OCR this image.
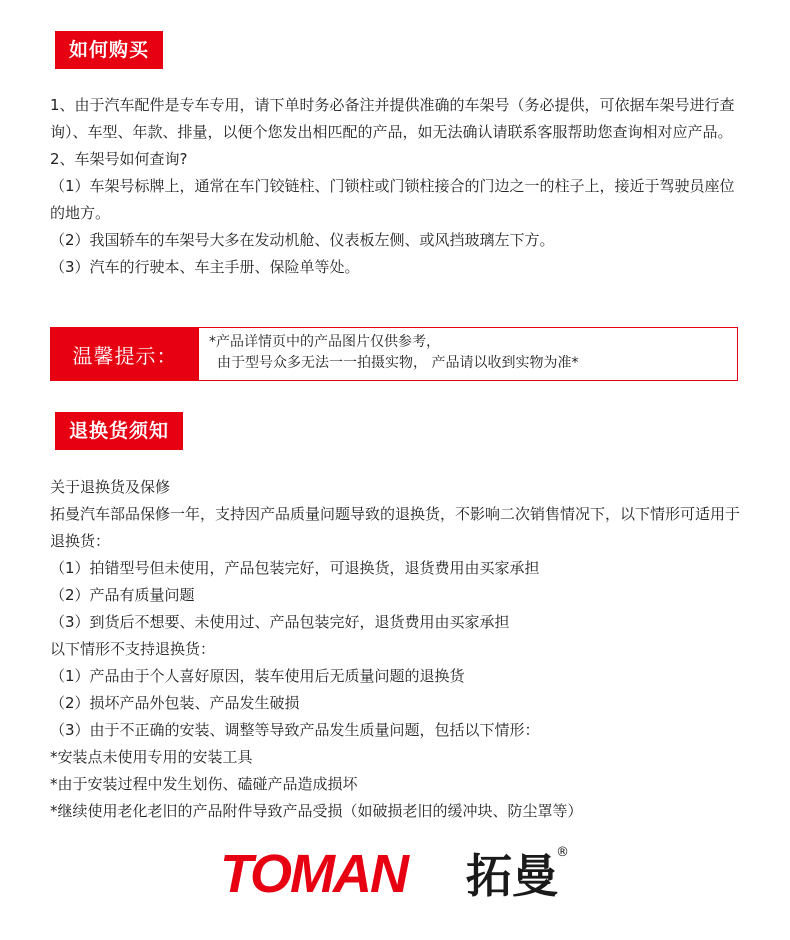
如何购买

1、由于汽车配件是专车专用，请下单时务必备注并提供准确的车架号（务必提供，可依据车架号进行查询）、车型、年款、排量，以便个您发出相匹配的产品，如无法确认请联系客服帮助您查询相对应产品。

2、车架号如何查询?

（1）车架号标牌上，通常在车门铰链柱、门锁柱或门锁柱接合的门边之一的柱子上，接近于驾驶员座位的地方。

（2）我国轿车的车架号大多在发动机舱、仪表板左侧、或风挡玻璃左下方。

（3）汽车的行驶本、车主手册、保险单等处。

温馨提示：

*产品详情页中的产品图片仅供参考，

由于型号众多无法一一拍摄实物， 产品请以收到实物为准*

退换货须知

关于退换货及保修

拓曼汽车部品保修一年，支持因产品质量问题导致的退换货，不影响二次销售情况下，以下情形可适用于退换货：

（1）拍错型号但未使用，产品包装完好，可退换货，退货费用由买家承担

（2）产品有质量问题

（3）到货后不想要、未使用过、产品包装完好，退货费用由买家承担

以下情形不支持退换货：

（1）产品由于个人喜好原因，装车使用后无质量问题的退换货

（2）损坏产品外包装、产品发生破损

（3）由于不正确的安装、调整等导致产品发生质量问题，包括以下情形：

*安装点未使用专用的安装工具

*由于安装过程中发生划伤、磕碰产品造成损坏

*继续使用老化老旧的产品附件导致产品受损（如破损老旧的缓冲块、防尘罩等）

TOMAN 拓曼
®
